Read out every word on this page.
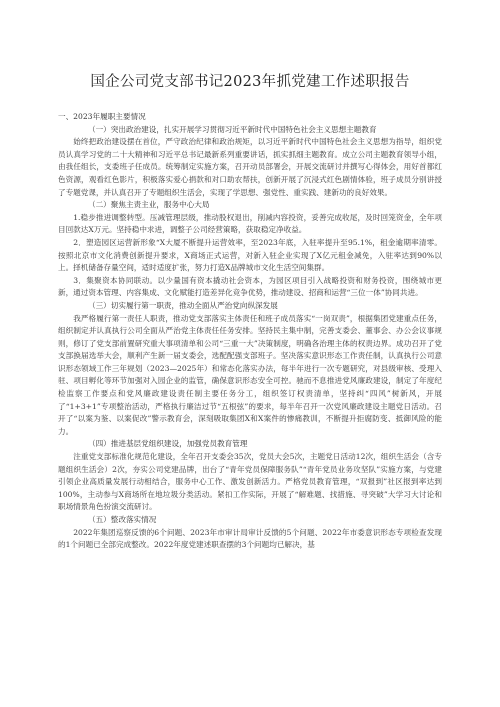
国企公司党支部书记2023年抓党建工作述职报告
一、2023年履职主要情况
（一）突出政治建设，扎实开展学习贯彻习近平新时代中国特色社会主义思想主题教育

始终把政治建设摆在首位，严守政治纪律和政治规矩，以习近平新时代中国特色社会主义思想为指导，组织党员认真学习党的二十大精神和习近平总书记最新系列重要讲话，抓实抓细主题教育。成立公司主题教育领导小组，由我任组长，支委班子任成员。统筹制定实施方案，召开动员部署会，开展交流研讨并撰写心得体会，用好首都红色资源，观看红色影片，积极落实爱心捐款和对口助农帮扶，创新开展了沉浸式红色剧情体验，班子成员分别讲授了专题党课，并认真召开了专题组织生活会，实现了学思想、强党性、重实践、建新功的良好效果。

（二）聚焦主责主业，服务中心大局

1.稳步推进调整转型。压减管理层级，推动股权退出，削减内容投资，妥善完成收尾，及时回笼资金，全年项目回款达X万元。坚持稳中求进，调整子公司经营策略，获取稳定净收益。

2．塑造园区运营新形象“X大厦不断提升运营效率，至2023年底，入驻率提升至95.1%，租金逾期率清零。按照北京市文化消费创新提升要求，X商场正式运营，对新入驻企业实现了X亿元租金减免，入驻率达到90%以上。择机储备存量空间，适时适度扩张，努力打造X品牌城市文化生活空间集群。

3．集聚资本协同联动。以少量国有资本撬动社会资本，为园区项目引入战略投资和财务投资，围绕城市更新，通过资本管理、内容集成、文化赋能打造差异化竞争优势，推动建设、招商和运营“三位一体”协同共进。

（三）切实履行第一职责，推动全面从严治党向纵深发展

我严格履行第一责任人职责，推动党支部落实主体责任和班子成员落实“一岗双责”，根据集团党建重点任务，组织制定并认真执行公司全面从严治党主体责任任务安排。坚持民主集中制，完善支委会、董事会、办公会议事规则，修订了党支部前置研究重大事项清单和公司“三重一大”决策制度，明确各治理主体的权责边界。成功召开了党支部换届选举大会，顺利产生新一届支委会，选配配强支部班子。坚决落实意识形态工作责任制，认真执行公司意识形态领域工作三年规划（2023—2025年）和常态化落实办法，每半年进行一次专题研究，对县级审核、受理入驻、项目孵化等环节加强对入园企业的监管，确保意识形态安全可控。驰而不息推进党风廉政建设，制定了年度纪检监察工作要点和党风廉政建设责任制主要任务分工，组织签订权责清单，坚持纠“四风”树新风，开展了“1+3+1”专项整治活动，严格执行廉洁过节“五根弦”的要求，每半年召开一次党风廉政建设主题党日活动。召开了“以案为鉴、以案促改”警示教育会，深刻吸取集团X和X案件的惨痛教训，不断提升拒腐防变、抵御风险的能力。

（四）推进基层党组织建设，加强党员教育管理

注重党支部标准化规范化建设，全年召开支委会35次，党员大会5次，主题党日活动12次，组织生活会（含专题组织生活会）2次，夯实公司党建品牌，出台了“青年党员保障服务队”“青年党员业务攻坚队”实施方案，与党建引领企业高质量发展行动相结合，服务中心工作、激发创新活力。严格党员教育管理，“双报到”社区报到率达到100%，主动参与X商场所在地垃圾分类活动。紧扣工作实际，开展了“解难题、找措施、寻突破”大学习大讨论和职场情景角色扮演交流研讨。

（五）整改落实情况

2022年集团巡察反馈的6个问题、2023年市审计局审计反馈的5个问题、2022年市委意识形态专项检查发现的1个问题已全部完成整改。2022年度党建述职查摆的3个问题均已解决，基
